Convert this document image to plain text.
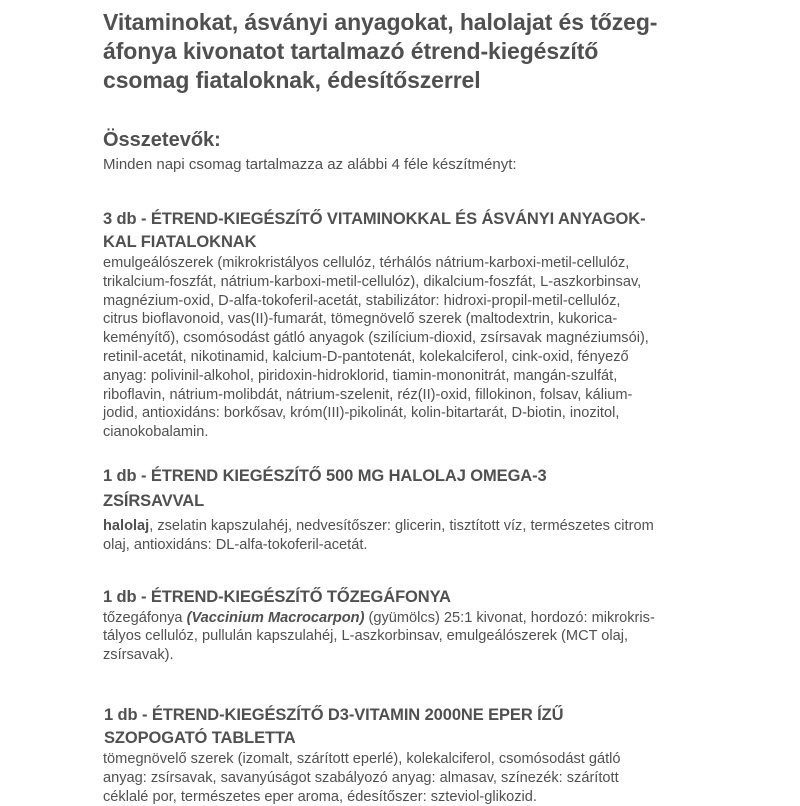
Vitaminokat, ásványi anyagokat, halolajat és tőzeg-
áfonya kivonatot tartalmazó étrend-kiegészítő
csomag fiataloknak, édesítőszerrel
Összetevők:

Minden napi csomag tartalmazza az alábbi 4 féle készítményt:

3 db - ÉTREND-KIEGÉSZÍTŐ VITAMINOKKAL ÉS ÁSVÁNYI ANYAGOK-
KAL FIATALOKNAK

emulgeálószerek (mikrokristályos cellulóz, térhálós nátrium-karboxi-metil-cellulóz,
trikalcium-foszfát, nátrium-karboxi-metil-cellulóz), dikalcium-foszfát, L-aszkorbinsav,
magnézium-oxid, D-alfa-tokoferil-acetát, stabilizátor: hidroxi-propil-metil-cellulóz,
citrus bioflavonoid, vas(II)-fumarát, tömegnövelő szerek (maltodextrin, kukorica-
keményítő), csomósodást gátló anyagok (szilícium-dioxid, zsírsavak magnéziumsói),
retinil-acetát, nikotinamid, kalcium-D-pantotenát, kolekalciferol, cink-oxid, fényező
anyag: polivinil-alkohol, piridoxin-hidroklorid, tiamin-mononitrát, mangán-szulfát,
riboflavin, nátrium-molibdát, nátrium-szelenit, réz(II)-oxid, fillokinon, folsav, kálium-
jodid, antioxidáns: borkősav, króm(III)-pikolinát, kolin-bitartarát, D-biotin, inozitol,
cianokobalamin.

1 db - ÉTREND KIEGÉSZÍTŐ 500 MG HALOLAJ OMEGA-3
ZSÍRSAVVAL

halolaj, zselatin kapszulahéj, nedvesítőszer: glicerin, tisztított víz, természetes citrom
olaj, antioxidáns: DL-alfa-tokoferil-acetát.

1 db - ÉTREND-KIEGÉSZÍTŐ TŐZEGÁFONYA

tőzegáfonya (Vaccinium Macrocarpon) (gyümölcs) 25:1 kivonat, hordozó: mikrokris-
tályos cellulóz, pullulán kapszulahéj, L-aszkorbinsav, emulgeálószerek (MCT olaj,
zsírsavak).

1 db - ÉTREND-KIEGÉSZÍTŐ D3-VITAMIN 2000NE EPER ÍZŰ
SZOPOGATÓ TABLETTA

tömegnövelő szerek (izomalt, szárított eperlé), kolekalciferol, csomósodást gátló
anyag: zsírsavak, savanyúságot szabályozó anyag: almasav, színezék: szárított
céklalé por, természetes eper aroma, édesítőszer: szteviol-glikozid.
